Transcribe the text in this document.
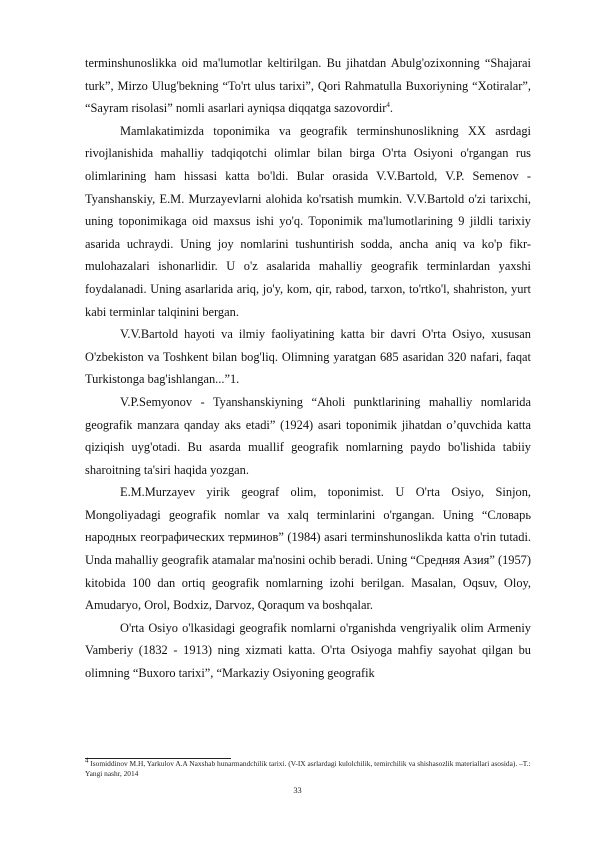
terminshunoslikka oid ma'lumotlar keltirilgan. Bu jihatdan Abulg'ozixonning “Shajarai turk”, Mirzo Ulug'bekning “To'rt ulus tarixi”, Qori Rahmatulla Buxoriyning “Xotiralar”, “Sayram risolasi” nomli asarlari ayniqsa diqqatga sazovordir$^4$.

Mamlakatimizda toponimika va geografik terminshunoslikning XX asrdagi rivojlanishida mahalliy tadqiqotchi olimlar bilan birga O'rta Osiyoni o'rgangan rus olimlarining ham hissasi katta bo'ldi. Bular orasida V.V.Bartold, V.P. Semenov -Tyanshanskiy, E.M. Murzayevlarni alohida ko'rsatish mumkin. V.V.Bartold o'zi tarixchi, uning toponimikaga oid maxsus ishi yo'q. Toponimik ma'lumotlarining 9 jildli tarixiy asarida uchraydi. Uning joy nomlarini tushuntirish sodda, ancha aniq va ko'p fikr-mulohazalari ishonarlidir. U o'z asalarida mahalliy geografik terminlardan yaxshi foydalanadi. Uning asarlarida ariq, jo'y, kom, qir, rabod, tarxon, to'rtko'l, shahriston, yurt kabi terminlar talqinini bergan.

V.V.Bartold hayoti va ilmiy faoliyatining katta bir davri O'rta Osiyo, xususan O'zbekiston va Toshkent bilan bog'liq. Olimning yaratgan 685 asaridan 320 nafari, faqat Turkistonga bag'ishlangan...”1.

V.P.Semyonov - Tyanshanskiyning “Aholi punktlarining mahalliy nomlarida geografik manzara qanday aks etadi” (1924) asari toponimik jihatdan o’quvchida katta qiziqish uyg'otadi. Bu asarda muallif geografik nomlarning paydo bo'lishida tabiiy sharoitning ta'siri haqida yozgan.

E.M.Murzayev yirik geograf olim, toponimist. U O'rta Osiyo, Sinjon, Mongoliyadagi geografik nomlar va xalq terminlarini o'rgangan. Uning “Словарь народных географических терминов” (1984) asari terminshunoslikda katta o'rin tutadi. Unda mahalliy geografik atamalar ma'nosini ochib beradi. Uning “Средняя Азия” (1957) kitobida 100 dan ortiq geografik nomlarning izohi berilgan. Masalan, Oqsuv, Oloy, Amudaryo, Orol, Bodxiz, Darvoz, Qoraqum va boshqalar.

O'rta Osiyo o'lkasidagi geografik nomlarni o'rganishda vengriyalik olim Armeniy Vamberiy (1832 - 1913) ning xizmati katta. O'rta Osiyoga mahfiy sayohat qilgan bu olimning “Buxoro tarixi”, “Markaziy Osiyoning geografik

4 Isomiddinov M.H, Yarkulov A.A Naxshab hunarmandchilik tarixi. (V-IX asrlardagi kulolchilik, temirchilik va shishasozlik materiallari asosida). –T.: Yangi nashr, 2014
33
